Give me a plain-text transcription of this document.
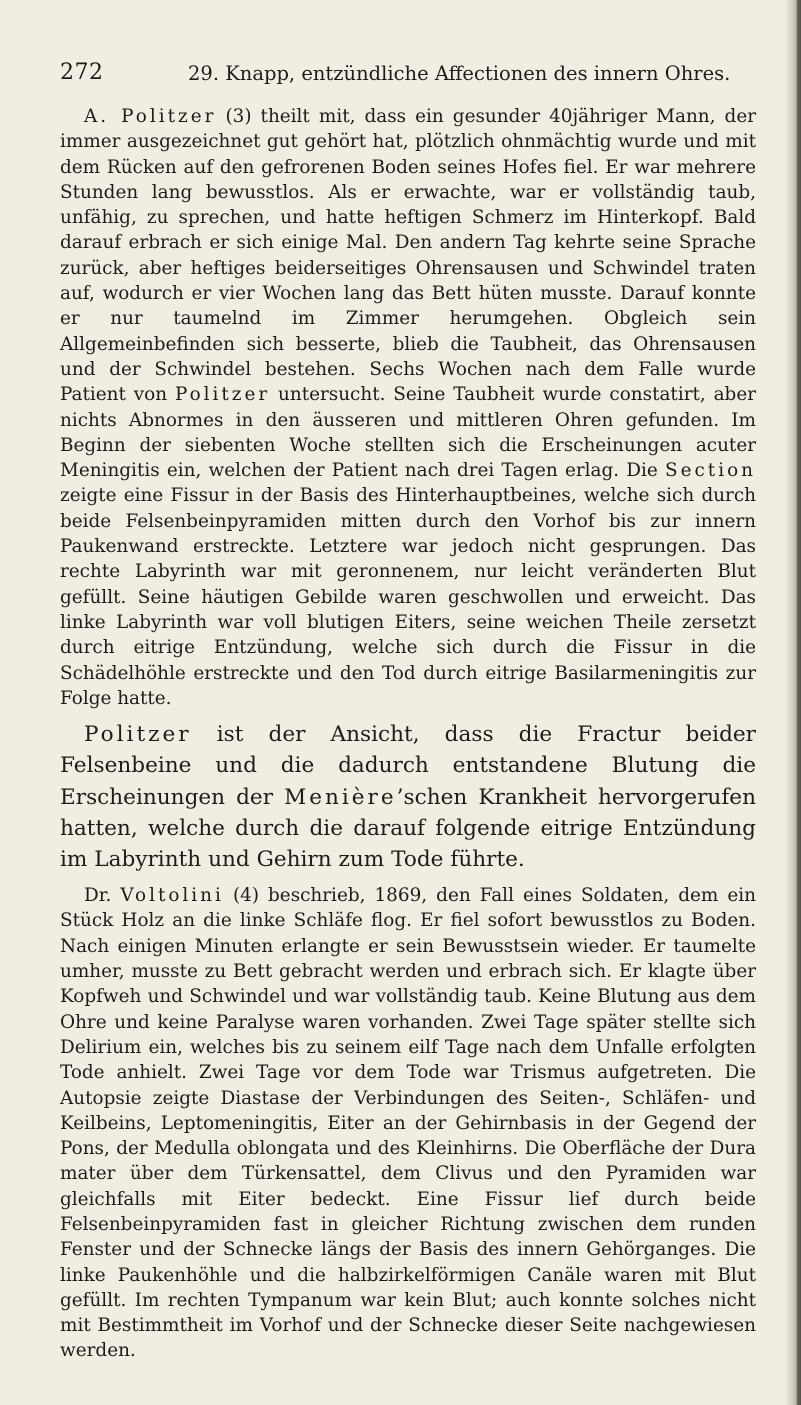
272	29. Knapp, entzündliche Affectionen des innern Ohres.

A. Politzer (3) theilt mit, dass ein gesunder 40jähriger Mann, der immer ausgezeichnet gut gehört hat, plötzlich ohnmächtig wurde und mit dem Rücken auf den gefrorenen Boden seines Hofes fiel. Er war mehrere Stunden lang bewusstlos. Als er erwachte, war er vollständig taub, unfähig, zu sprechen, und hatte heftigen Schmerz im Hinterkopf. Bald darauf erbrach er sich einige Mal. Den andern Tag kehrte seine Sprache zurück, aber heftiges beiderseitiges Ohrensausen und Schwindel traten auf, wodurch er vier Wochen lang das Bett hüten musste. Darauf konnte er nur taumelnd im Zimmer herumgehen. Obgleich sein Allgemeinbefinden sich besserte, blieb die Taubheit, das Ohrensausen und der Schwindel bestehen. Sechs Wochen nach dem Falle wurde Patient von Politzer untersucht. Seine Taubheit wurde constatirt, aber nichts Abnormes in den äusseren und mittleren Ohren gefunden. Im Beginn der siebenten Woche stellten sich die Erscheinungen acuter Meningitis ein, welchen der Patient nach drei Tagen erlag. Die Section zeigte eine Fissur in der Basis des Hinterhauptbeines, welche sich durch beide Felsenbeinpyramiden mitten durch den Vorhof bis zur innern Paukenwand erstreckte. Letztere war jedoch nicht gesprungen. Das rechte Labyrinth war mit geronnenem, nur leicht veränderten Blut gefüllt. Seine häutigen Gebilde waren geschwollen und erweicht. Das linke Labyrinth war voll blutigen Eiters, seine weichen Theile zersetzt durch eitrige Entzündung, welche sich durch die Fissur in die Schädelhöhle erstreckte und den Tod durch eitrige Basilarmeningitis zur Folge hatte.

Politzer ist der Ansicht, dass die Fractur beider Felsenbeine und die dadurch entstandene Blutung die Erscheinungen der Menière’schen Krankheit hervorgerufen hatten, welche durch die darauf folgende eitrige Entzündung im Labyrinth und Gehirn zum Tode führte.

Dr. Voltolini (4) beschrieb, 1869, den Fall eines Soldaten, dem ein Stück Holz an die linke Schläfe flog. Er fiel sofort bewusstlos zu Boden. Nach einigen Minuten erlangte er sein Bewusstsein wieder. Er taumelte umher, musste zu Bett gebracht werden und erbrach sich. Er klagte über Kopfweh und Schwindel und war vollständig taub. Keine Blutung aus dem Ohre und keine Paralyse waren vorhanden. Zwei Tage später stellte sich Delirium ein, welches bis zu seinem eilf Tage nach dem Unfalle erfolgten Tode anhielt. Zwei Tage vor dem Tode war Trismus aufgetreten. Die Autopsie zeigte Diastase der Verbindungen des Seiten-, Schläfen- und Keilbeins, Leptomeningitis, Eiter an der Gehirnbasis in der Gegend der Pons, der Medulla oblongata und des Kleinhirns. Die Oberfläche der Dura mater über dem Türkensattel, dem Clivus und den Pyramiden war gleichfalls mit Eiter bedeckt. Eine Fissur lief durch beide Felsenbeinpyramiden fast in gleicher Richtung zwischen dem runden Fenster und der Schnecke längs der Basis des innern Gehörganges. Die linke Paukenhöhle und die halbzirkelförmigen Canäle waren mit Blut gefüllt. Im rechten Tympanum war kein Blut; auch konnte solches nicht mit Bestimmtheit im Vorhof und der Schnecke dieser Seite nachgewiesen werden.
